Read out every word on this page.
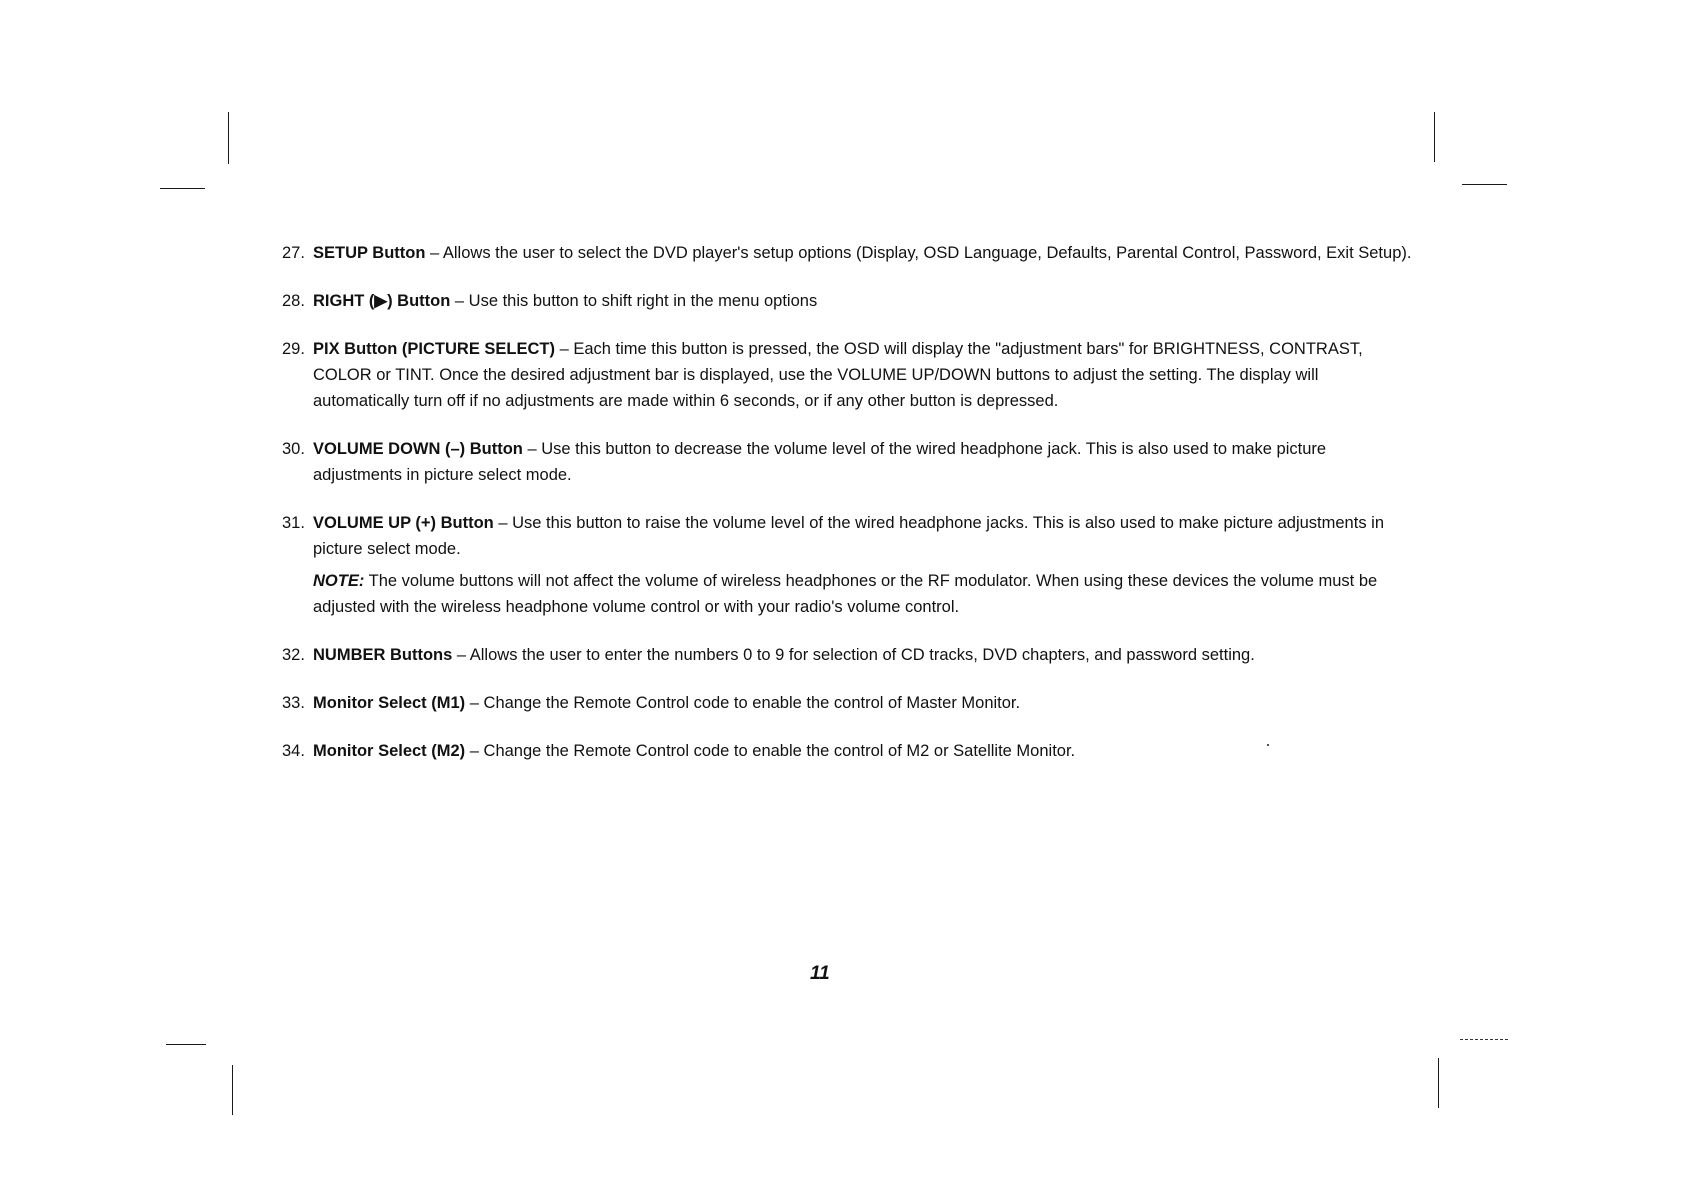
27. SETUP Button – Allows the user to select the DVD player's setup options (Display, OSD Language, Defaults, Parental Control, Password, Exit Setup).
28. RIGHT (▶) Button – Use this button to shift right in the menu options
29. PIX Button (PICTURE SELECT) – Each time this button is pressed, the OSD will display the "adjustment bars" for BRIGHTNESS, CONTRAST, COLOR or TINT. Once the desired adjustment bar is displayed, use the VOLUME UP/DOWN buttons to adjust the setting. The display will automatically turn off if no adjustments are made within 6 seconds, or if any other button is depressed.
30. VOLUME DOWN (–) Button – Use this button to decrease the volume level of the wired headphone jack. This is also used to make picture adjustments in picture select mode.
31. VOLUME UP (+) Button – Use this button to raise the volume level of the wired headphone jacks. This is also used to make picture adjustments in picture select mode.
NOTE: The volume buttons will not affect the volume of wireless headphones or the RF modulator. When using these devices the volume must be adjusted with the wireless headphone volume control or with your radio's volume control.
32. NUMBER Buttons – Allows the user to enter the numbers 0 to 9 for selection of CD tracks, DVD chapters, and password setting.
33. Monitor Select (M1) – Change the Remote Control code to enable the control of Master Monitor.
34. Monitor Select (M2) – Change the Remote Control code to enable the control of M2 or Satellite Monitor.
11
